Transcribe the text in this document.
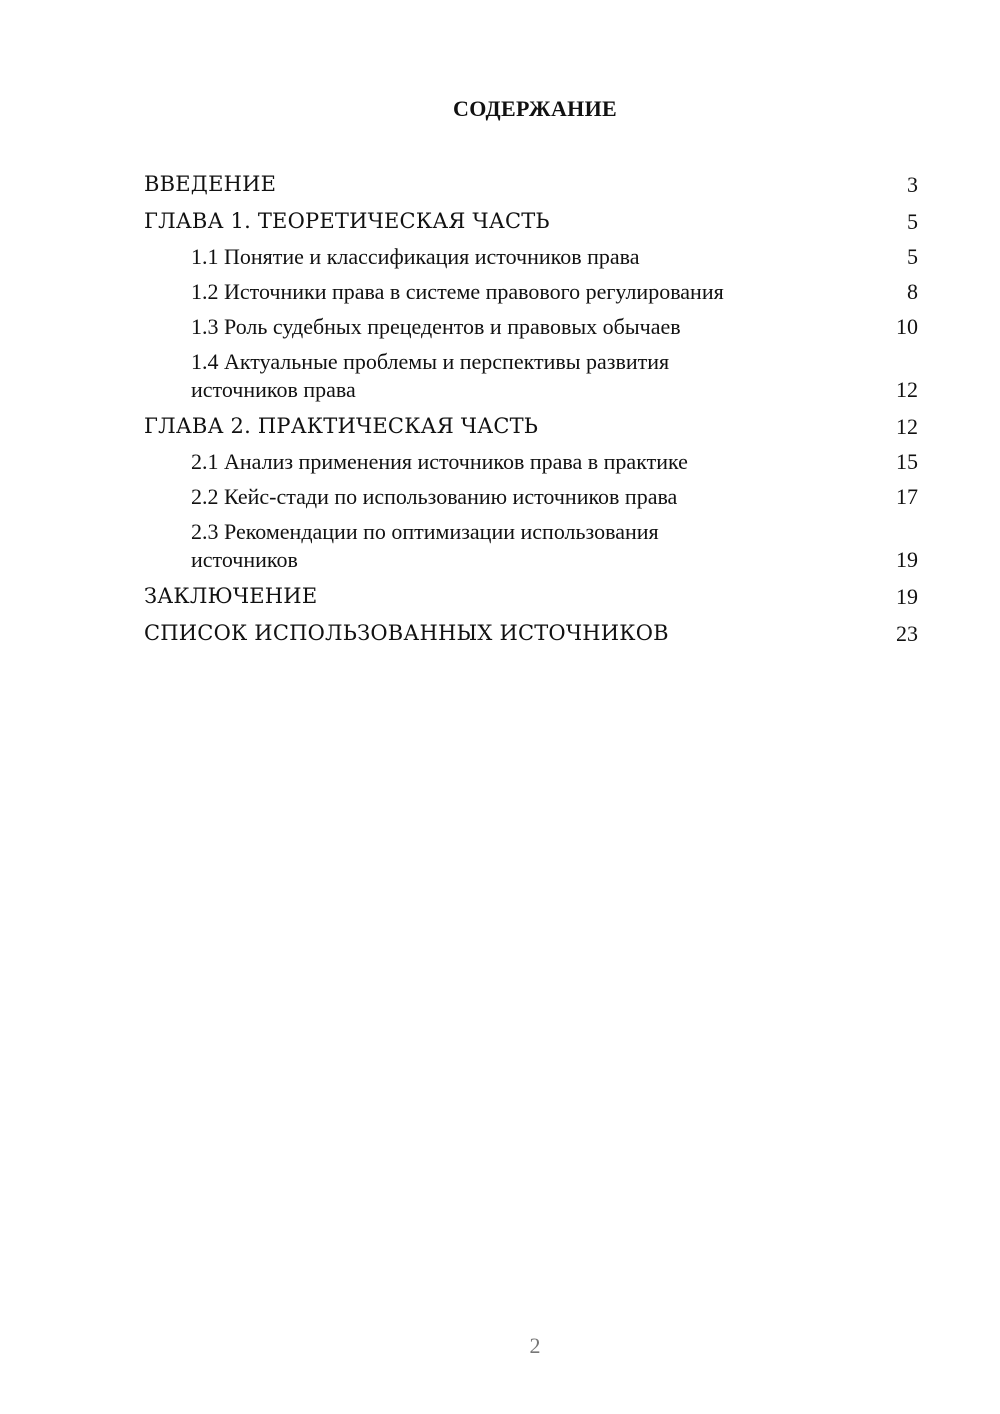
СОДЕРЖАНИЕ
ВВЕДЕНИЕ	3
ГЛАВА 1. ТЕОРЕТИЧЕСКАЯ ЧАСТЬ	5
1.1 Понятие и классификация источников права	5
1.2 Источники права в системе правового регулирования	8
1.3 Роль судебных прецедентов и правовых обычаев	10
1.4 Актуальные проблемы и перспективы развития источников права	12
ГЛАВА 2. ПРАКТИЧЕСКАЯ ЧАСТЬ	12
2.1 Анализ применения источников права в практике	15
2.2 Кейс-стади по использованию источников права	17
2.3 Рекомендации по оптимизации использования источников	19
ЗАКЛЮЧЕНИЕ	19
СПИСОК ИСПОЛЬЗОВАННЫХ ИСТОЧНИКОВ	23
2
